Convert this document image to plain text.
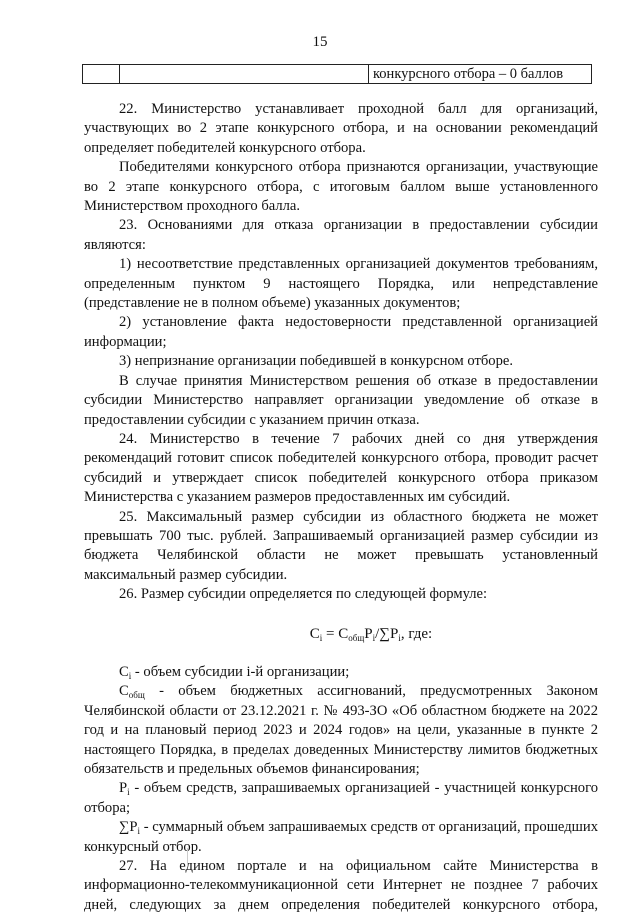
15
		конкурсного отбора – 0 баллов

22. Министерство устанавливает проходной балл для организаций, участвующих во 2 этапе конкурсного отбора, и на основании рекомендаций определяет победителей конкурсного отбора.

Победителями конкурсного отбора признаются организации, участвующие во 2 этапе конкурсного отбора, с итоговым баллом выше установленного Министерством проходного балла.

23. Основаниями для отказа организации в предоставлении субсидии являются:

1) несоответствие представленных организацией документов требованиям, определенным пунктом 9 настоящего Порядка, или непредставление (представление не в полном объеме) указанных документов;

2) установление факта недостоверности представленной организацией информации;

3) непризнание организации победившей в конкурсном отборе.

В случае принятия Министерством решения об отказе в предоставлении субсидии Министерство направляет организации уведомление об отказе в предоставлении субсидии с указанием причин отказа.

24. Министерство в течение 7 рабочих дней со дня утверждения рекомендаций готовит список победителей конкурсного отбора, проводит расчет субсидий и утверждает список победителей конкурсного отбора приказом Министерства с указанием размеров предоставленных им субсидий.

25. Максимальный размер субсидии из областного бюджета не может превышать 700 тыс. рублей. Запрашиваемый организацией размер субсидии из бюджета Челябинской области не может превышать установленный максимальный размер субсидии.

26. Размер субсидии определяется по следующей формуле:

$C_i = C_{общ}P_i/\sum P_i$, где:

$C_i$ - объем субсидии i-й организации;

$C_{общ}$ - объем бюджетных ассигнований, предусмотренных Законом Челябинской области от 23.12.2021 г. № 493-ЗО «Об областном бюджете на 2022 год и на плановый период 2023 и 2024 годов» на цели, указанные в пункте 2 настоящего Порядка, в пределах доведенных Министерству лимитов бюджетных обязательств и предельных объемов финансирования;

$P_i$ - объем средств, запрашиваемых организацией - участницей конкурсного отбора;

$\sum P_i$ - суммарный объем запрашиваемых средств от организаций, прошедших конкурсный отбор.

27. На едином портале и на официальном сайте Министерства в информационно-телекоммуникационной сети Интернет не позднее 7 рабочих дней, следующих за днем определения победителей конкурсного отбора,
